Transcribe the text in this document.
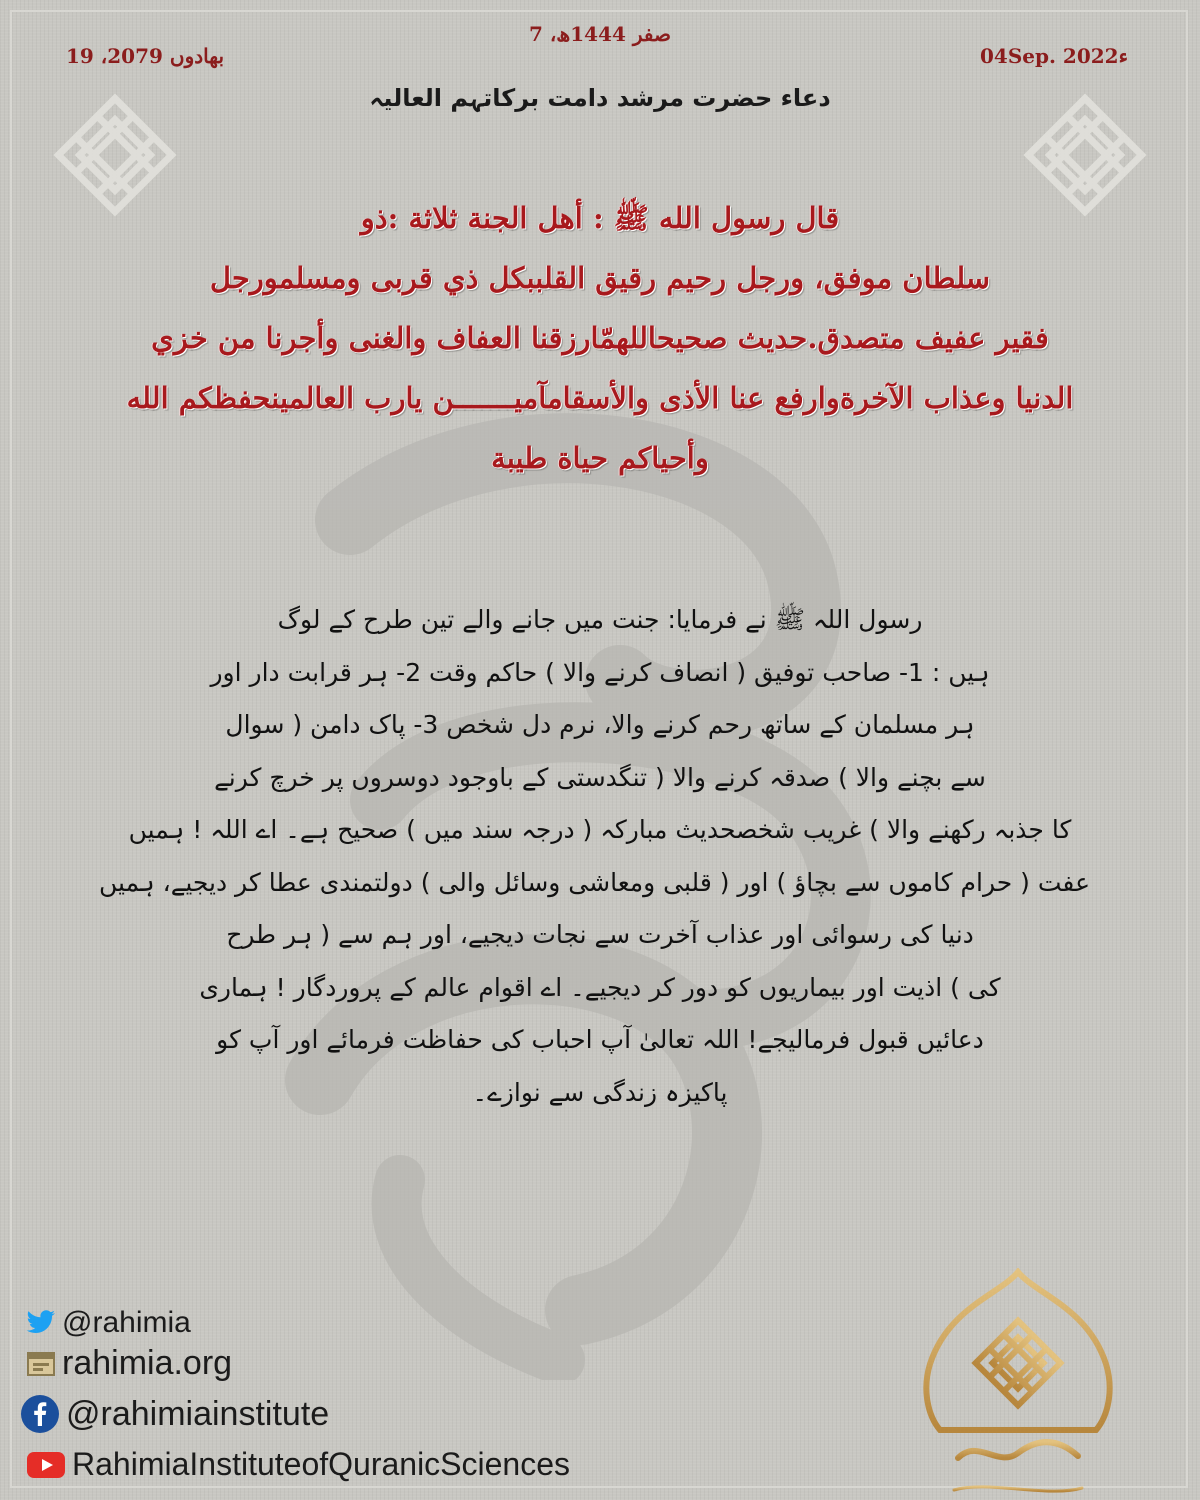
7 ،صفر 1444ھ
19 ،بھادوں 2079	04Sep. 2022ء
دعاء حضرت مرشد دامت برکاتہم العالیہ
قال رسول الله ﷺ : أهل الجنة ثلاثة :ذو
سلطان موفق، ورجل رحيم رقيق القلببكل ذي قربى ومسلمورجل
فقير عفيف متصدق.حديث صحيحاللهمّارزقنا العفاف والغنى وأجرنا من خزي
الدنيا وعذاب الآخرةوارفع عنا الأذى والأسقامآميـــــــن يارب العالمينحفظكم الله
وأحياكم حياة طيبة
رسول اللہ ﷺ نے فرمایا: جنت میں جانے والے تین طرح کے لوگ
ہیں : 1- صاحب توفیق ( انصاف کرنے والا ) حاکم وقت 2- ہر قرابت دار اور
ہر مسلمان کے ساتھ رحم کرنے والا، نرم دل شخص 3- پاک دامن ( سوال
سے بچنے والا ) صدقہ کرنے والا ( تنگدستی کے باوجود دوسروں پر خرچ کرنے
کا جذبہ رکھنے والا ) غریب شخصحدیث مبارکہ ( درجہ سند میں ) صحیح ہے۔ اے اللہ ! ہمیں
عفت ( حرام کاموں سے بچاؤ ) اور ( قلبی ومعاشی وسائل والی ) دولتمندی عطا کر دیجیے، ہمیں
دنیا کی رسوائی اور عذاب آخرت سے نجات دیجیے، اور ہم سے ( ہر طرح
کی ) اذیت اور بیماریوں کو دور کر دیجیے۔ اے اقوام عالم کے پروردگار ! ہماری
دعائیں قبول فرمالیجے! اللہ تعالیٰ آپ احباب کی حفاظت فرمائے اور آپ کو
پاکیزہ زندگی سے نوازے۔
@rahimia
rahimia.org
@rahimiainstitute
RahimiaInstituteofQuranicSciences
